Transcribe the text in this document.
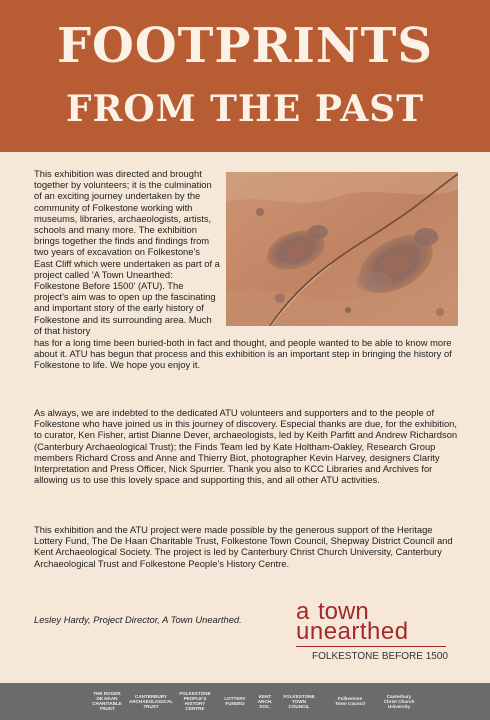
FOOTPRINTS
FROM THE PAST
This exhibition was directed and brought together by volunteers; it is the culmination of an exciting journey undertaken by the community of Folkestone working with museums, libraries, archaeologists, artists, schools and many more. The exhibition brings together the finds and findings from two years of excavation on Folkestone's East Cliff which were undertaken as part of a project called 'A Town Unearthed: Folkestone Before 1500' (ATU). The project's aim was to open up the fascinating and important story of the early history of Folkestone and its surrounding area. Much of that history
has for a long time been buried-both in fact and thought, and people wanted to be able to know more about it. ATU has begun that process and this exhibition is an important step in bringing the history of Folkestone to life. We hope you enjoy it.
As always, we are indebted to the dedicated ATU volunteers and supporters and to the people of Folkestone who have joined us in this journey of discovery. Especial thanks are due, for the exhibition, to curator, Ken Fisher, artist Dianne Dever, archaeologists, led by Keith Parfitt and Andrew Richardson (Canterbury Archaeological Trust); the Finds Team led by Kate Holtham-Oakley, Research Group members Richard Cross and Anne and Thierry Biot, photographer Kevin Harvey, designers Clarity Interpretation and Press Officer, Nick Spurrier. Thank you also to KCC Libraries and Archives for allowing us to use this lovely space and supporting this, and all other ATU activities.
This exhibition and the ATU project were made possible by the generous support of the Heritage Lottery Fund, The De Haan Charitable Trust, Folkestone Town Council, Shepway District Council and Kent Archaeological Society. The project is led by Canterbury Christ Church University, Canterbury Archaeological Trust and Folkestone People's History Centre.
Lesley Hardy, Project Director, A Town Unearthed.	a town
unearthed
FOLKESTONE BEFORE 1500
THE ROGER
DE HAAN
CHARITABLE TRUST
CANTERBURY
ARCHAEOLOGICAL
TRUST
FOLKESTONE
PEOPLE'S
HISTORY CENTRE
LOTTERY FUNDED
KENT
ARCH. SOC.
FOLKESTONE
TOWN COUNCIL
Folkestone
Town Council
Canterbury
Christ Church
University
